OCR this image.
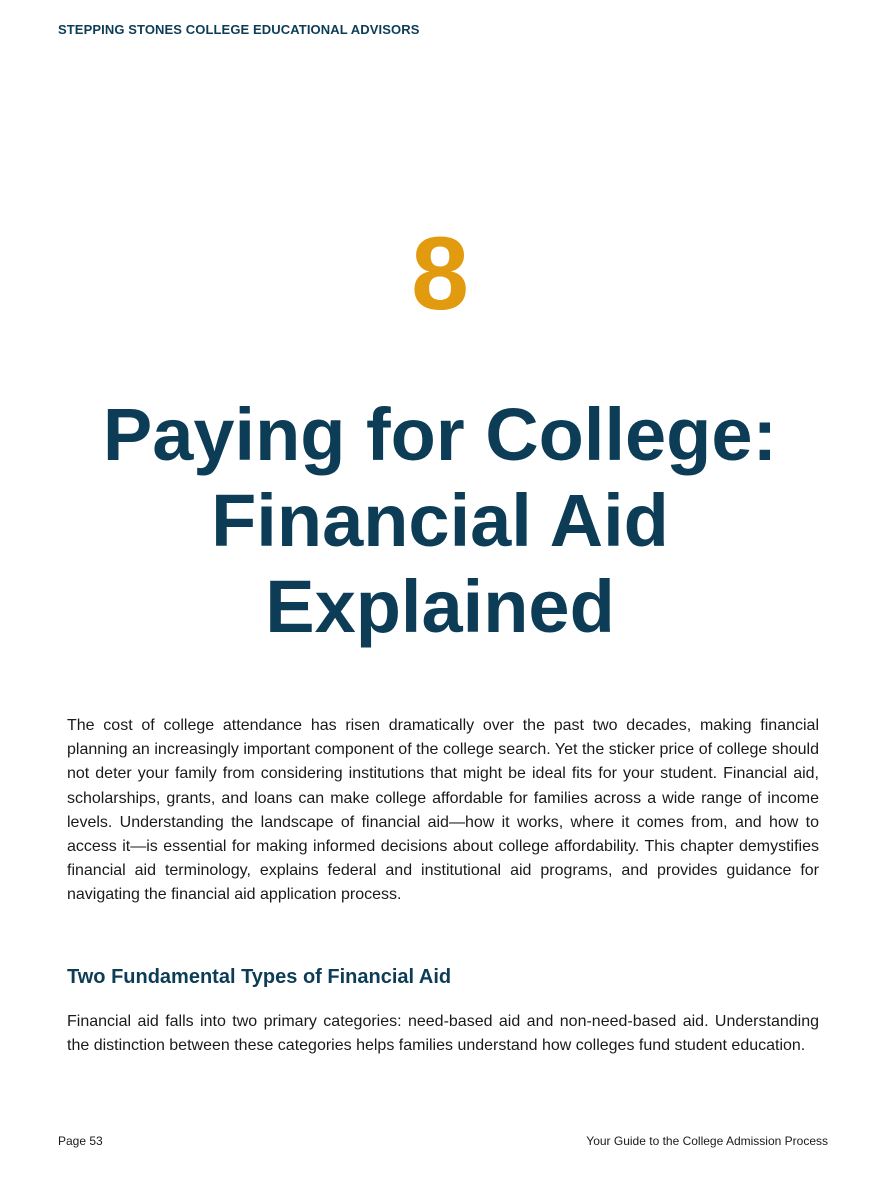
STEPPING STONES COLLEGE EDUCATIONAL ADVISORS
8
Paying for College:
Financial Aid
Explained

The cost of college attendance has risen dramatically over the past two decades, making financial planning an increasingly important component of the college search. Yet the sticker price of college should not deter your family from considering institutions that might be ideal fits for your student. Financial aid, scholarships, grants, and loans can make college affordable for families across a wide range of income levels. Understanding the landscape of financial aid—how it works, where it comes from, and how to access it—is essential for making informed decisions about college affordability. This chapter demystifies financial aid terminology, explains federal and institutional aid programs, and provides guidance for navigating the financial aid application process.

Two Fundamental Types of Financial Aid

Financial aid falls into two primary categories: need-based aid and non-need-based aid. Understanding the distinction between these categories helps families understand how colleges fund student education.

Page 53	Your Guide to the College Admission Process
